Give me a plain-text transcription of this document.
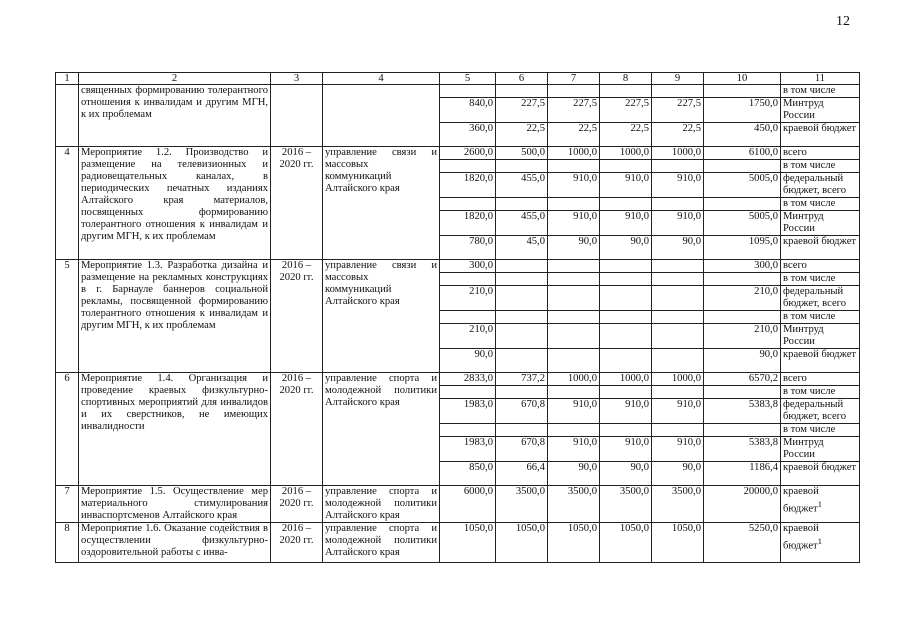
12
1	2	3	4	5	6	7	8	9	10	11
	священных формированию толерантного отношения к инвалидам и другим МГН, к их проблемам									в том числе
				840,0	227,5	227,5	227,5	227,5	1750,0	Минтруд России
				360,0	22,5	22,5	22,5	22,5	450,0	краевой бюджет
4	Мероприятие 1.2. Производство и размещение на телевизионных и радиовещательных каналах, в периодических печатных изданиях Алтайского края материалов, посвященных формированию толерантного отношения к инвалидам и другим МГН, к их проблемам	2016 – 2020 гг.	управление связи и массовых коммуникаций Алтайского края	2600,0	500,0	1000,0	1000,0	1000,0	6100,0	всего
										в том числе
				1820,0	455,0	910,0	910,0	910,0	5005,0	федеральный бюджет, всего
										в том числе
				1820,0	455,0	910,0	910,0	910,0	5005,0	Минтруд России
				780,0	45,0	90,0	90,0	90,0	1095,0	краевой бюджет
5	Мероприятие 1.3. Разработка дизайна и размещение на рекламных конструкциях в г. Барнауле баннеров социальной рекламы, посвященной формированию толерантного отношения к инвалидам и другим МГН, к их проблемам	2016 – 2020 гг.	управление связи и массовых коммуникаций Алтайского края	300,0					300,0	всего
										в том числе
				210,0					210,0	федеральный бюджет, всего
										в том числе
				210,0					210,0	Минтруд России
				90,0					90,0	краевой бюджет
6	Мероприятие 1.4. Организация и проведение краевых физкультурно-спортивных мероприятий для инвалидов и их сверстников, не имеющих инвалидности	2016 – 2020 гг.	управление спорта и молодежной политики Алтайского края	2833,0	737,2	1000,0	1000,0	1000,0	6570,2	всего
										в том числе
				1983,0	670,8	910,0	910,0	910,0	5383,8	федеральный бюджет, всего
										в том числе
				1983,0	670,8	910,0	910,0	910,0	5383,8	Минтруд России
				850,0	66,4	90,0	90,0	90,0	1186,4	краевой бюджет
7	Мероприятие 1.5. Осуществление мер материального стимулирования инвaспортсменов Алтайского края	2016 – 2020 гг.	управление спорта и молодежной политики Алтайского края	6000,0	3500,0	3500,0	3500,0	3500,0	20000,0	краевой бюджет$^1$
8	Мероприятие 1.6. Оказание содействия в осуществлении физкультурно-оздоровительной работы с инва-	2016 – 2020 гг.	управление спорта и молодежной политики Алтайского края	1050,0	1050,0	1050,0	1050,0	1050,0	5250,0	краевой бюджет$^1$
